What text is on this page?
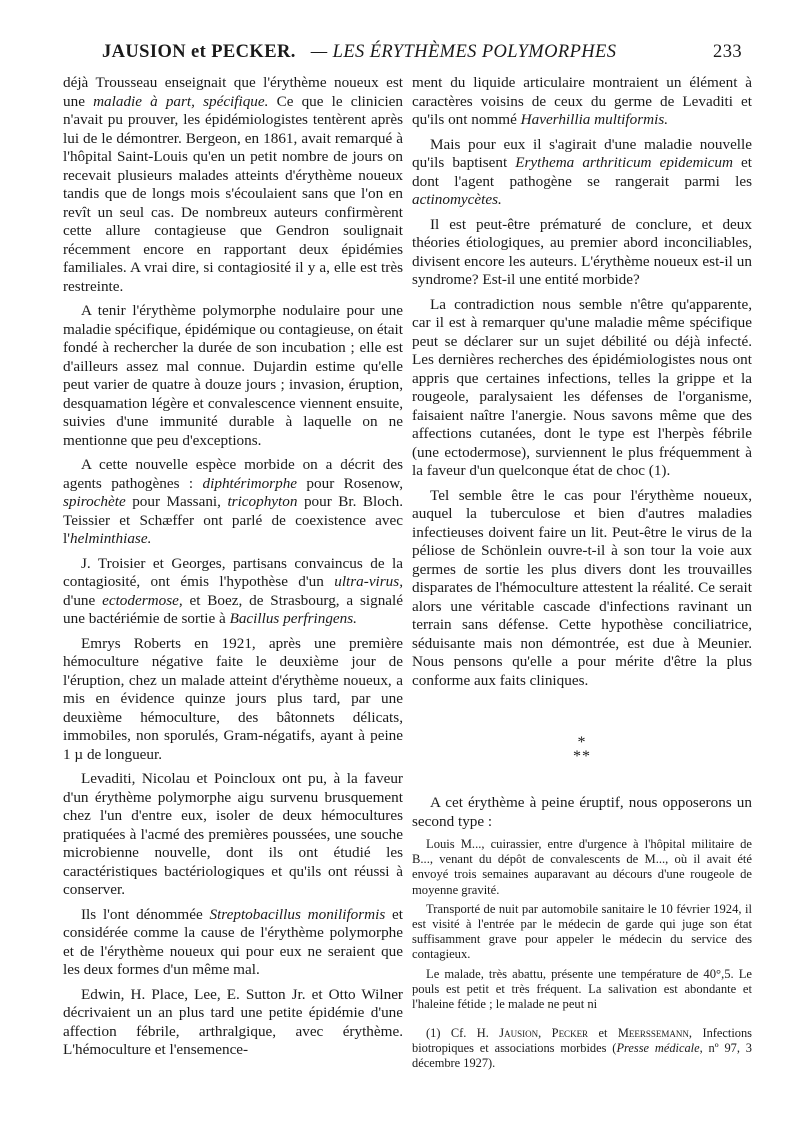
JAUSION et PECKER. — LES ÉRYTHÈMES POLYMORPHES	233

déjà Trousseau enseignait que l'érythème noueux est une maladie à part, spécifique. Ce que le clinicien n'avait pu prouver, les épidémiologistes tentèrent après lui de le démontrer. Bergeon, en 1861, avait remarqué à l'hôpital Saint-Louis qu'en un petit nombre de jours on recevait plusieurs malades atteints d'érythème noueux tandis que de longs mois s'écoulaient sans que l'on en revît un seul cas. De nombreux auteurs confirmèrent cette allure contagieuse que Gendron soulignait récemment encore en rapportant deux épidémies familiales. A vrai dire, si contagiosité il y a, elle est très restreinte.

A tenir l'érythème polymorphe nodulaire pour une maladie spécifique, épidémique ou contagieuse, on était fondé à rechercher la durée de son incubation ; elle est d'ailleurs assez mal connue. Dujardin estime qu'elle peut varier de quatre à douze jours ; invasion, éruption, desquamation légère et convalescence viennent ensuite, suivies d'une immunité durable à laquelle on ne mentionne que peu d'exceptions.

A cette nouvelle espèce morbide on a décrit des agents pathogènes : diphtérimorphe pour Rosenow, spirochète pour Massani, tricophyton pour Br. Bloch. Teissier et Schæffer ont parlé de coexistence avec l'helminthiase.

J. Troisier et Georges, partisans convaincus de la contagiosité, ont émis l'hypothèse d'un ultra-virus, d'une ectodermose, et Boez, de Strasbourg, a signalé une bactériémie de sortie à Bacillus perfringens.

Emrys Roberts en 1921, après une première hémoculture négative faite le deuxième jour de l'éruption, chez un malade atteint d'érythème noueux, a mis en évidence quinze jours plus tard, par une deuxième hémoculture, des bâtonnets délicats, immobiles, non sporulés, Gram-négatifs, ayant à peine 1 µ de longueur.

Levaditi, Nicolau et Poincloux ont pu, à la faveur d'un érythème polymorphe aigu survenu brusquement chez l'un d'entre eux, isoler de deux hémocultures pratiquées à l'acmé des premières poussées, une souche microbienne nouvelle, dont ils ont étudié les caractéristiques bactériologiques et qu'ils ont réussi à conserver.

Ils l'ont dénommée Streptobacillus moniliformis et considérée comme la cause de l'érythème polymorphe et de l'érythème noueux qui pour eux ne seraient que les deux formes d'un même mal.

Edwin, H. Place, Lee, E. Sutton Jr. et Otto Wilner décrivaient un an plus tard une petite épidémie d'une affection fébrile, arthralgique, avec érythème. L'hémoculture et l'ensemence-

ment du liquide articulaire montraient un élément à caractères voisins de ceux du germe de Levaditi et qu'ils ont nommé Haverhillia multiformis.

Mais pour eux il s'agirait d'une maladie nouvelle qu'ils baptisent Erythema arthriticum epidemicum et dont l'agent pathogène se rangerait parmi les actinomycètes.

Il est peut-être prématuré de conclure, et deux théories étiologiques, au premier abord inconciliables, divisent encore les auteurs. L'érythème noueux est-il un syndrome? Est-il une entité morbide?

La contradiction nous semble n'être qu'apparente, car il est à remarquer qu'une maladie même spécifique peut se déclarer sur un sujet débilité ou déjà infecté. Les dernières recherches des épidémiologistes nous ont appris que certaines infections, telles la grippe et la rougeole, paralysaient les défenses de l'organisme, faisaient naître l'anergie. Nous savons même que des affections cutanées, dont le type est l'herpès fébrile (une ectodermose), surviennent le plus fréquemment à la faveur d'un quelconque état de choc (1).

Tel semble être le cas pour l'érythème noueux, auquel la tuberculose et bien d'autres maladies infectieuses doivent faire un lit. Peut-être le virus de la péliose de Schönlein ouvre-t-il à son tour la voie aux germes de sortie les plus divers dont les trouvailles disparates de l'hémoculture attestent la réalité. Ce serait alors une véritable cascade d'infections ravinant un terrain sans défense. Cette hypothèse conciliatrice, séduisante mais non démontrée, est due à Meunier. Nous pensons qu'elle a pour mérite d'être la plus conforme aux faits cliniques.

*
**

A cet érythème à peine éruptif, nous opposerons un second type :

Louis M..., cuirassier, entre d'urgence à l'hôpital militaire de B..., venant du dépôt de convalescents de M..., où il avait été envoyé trois semaines auparavant au décours d'une rougeole de moyenne gravité.

Transporté de nuit par automobile sanitaire le 10 février 1924, il est visité à l'entrée par le médecin de garde qui juge son état suffisamment grave pour appeler le médecin du service des contagieux.

Le malade, très abattu, présente une température de 40°,5. Le pouls est petit et très fréquent. La salivation est abondante et l'haleine fétide ; le malade ne peut ni

(1) Cf. H. Jausion, Pecker et Meerssemann, Infections biotropiques et associations morbides (Presse médicale, nº 97, 3 décembre 1927).
